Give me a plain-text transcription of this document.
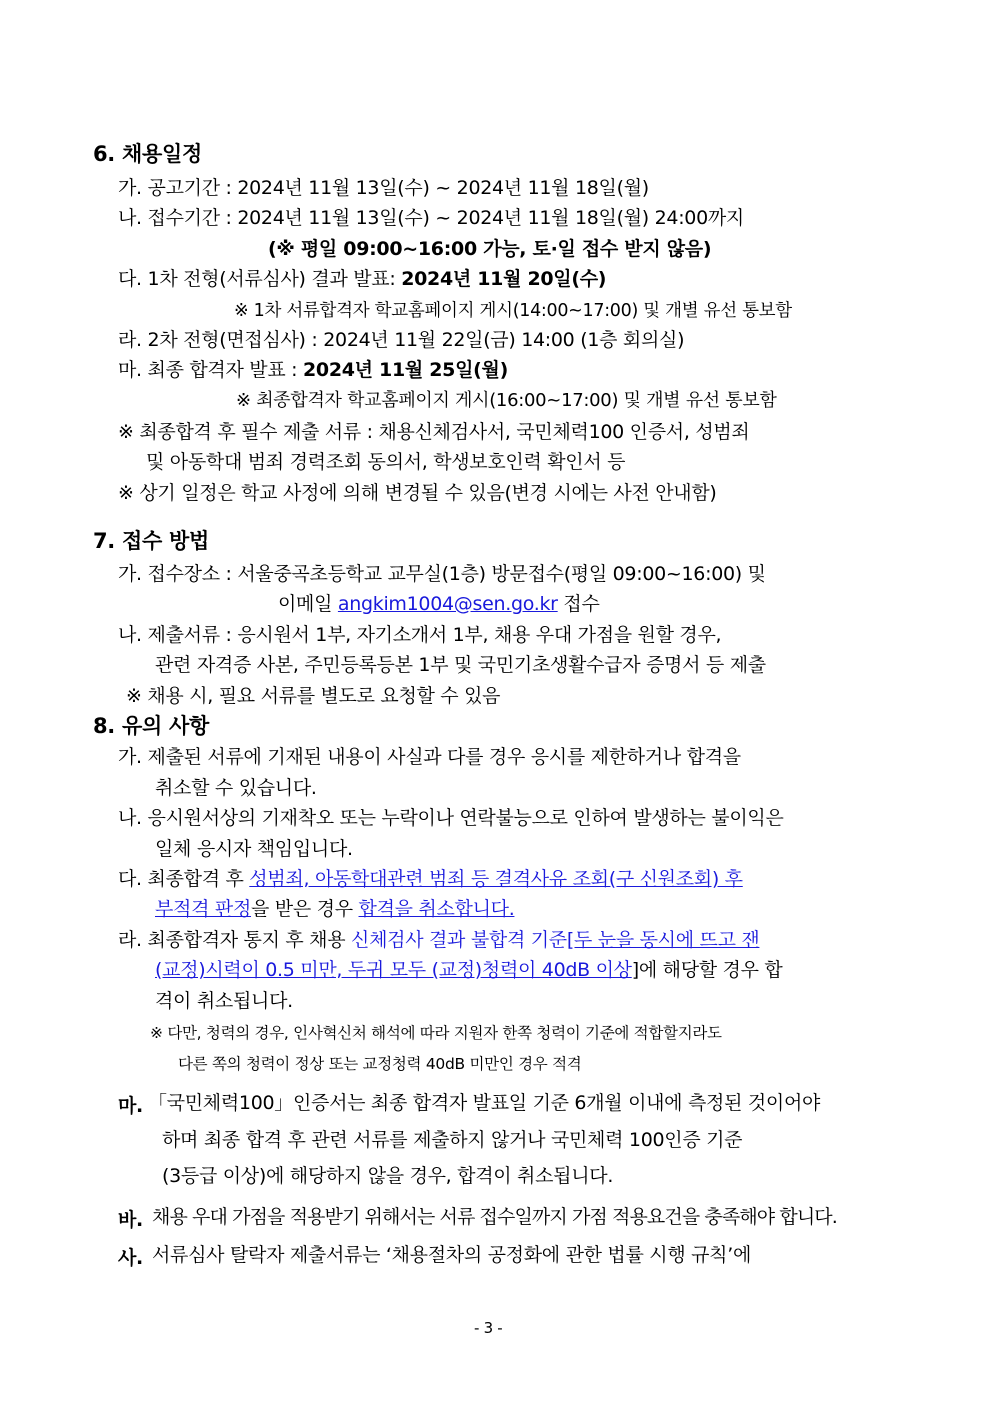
6. 채용일정
가. 공고기간 : 2024년 11월 13일(수) ~ 2024년 11월 18일(월)
나. 접수기간 : 2024년 11월 13일(수) ~ 2024년 11월 18일(월) 24:00까지
(※ 평일 09:00~16:00 가능, 토·일 접수 받지 않음)
다. 1차 전형(서류심사) 결과 발표: 2024년 11월 20일(수)
※ 1차 서류합격자 학교홈페이지 게시(14:00~17:00) 및 개별 유선 통보함
라. 2차 전형(면접심사) : 2024년 11월 22일(금) 14:00 (1층 회의실)
마. 최종 합격자 발표 : 2024년 11월 25일(월)
※ 최종합격자 학교홈페이지 게시(16:00~17:00) 및 개별 유선 통보함
※ 최종합격 후 필수 제출 서류 : 채용신체검사서, 국민체력100 인증서, 성범죄
및 아동학대 범죄 경력조회 동의서, 학생보호인력 확인서 등
※ 상기 일정은 학교 사정에 의해 변경될 수 있음(변경 시에는 사전 안내함)
7. 접수 방법
가. 접수장소 : 서울중곡초등학교 교무실(1층) 방문접수(평일 09:00~16:00) 및
이메일 angkim1004@sen.go.kr 접수
나. 제출서류 : 응시원서 1부, 자기소개서 1부, 채용 우대 가점을 원할 경우,
관련 자격증 사본, 주민등록등본 1부 및 국민기초생활수급자 증명서 등 제출
※ 채용 시, 필요 서류를 별도로 요청할 수 있음
8. 유의 사항
가. 제출된 서류에 기재된 내용이 사실과 다를 경우 응시를 제한하거나 합격을
취소할 수 있습니다.
나. 응시원서상의 기재착오 또는 누락이나 연락불능으로 인하여 발생하는 불이익은
일체 응시자 책임입니다.
다. 최종합격 후 성범죄, 아동학대관련 범죄 등 결격사유 조회(구 신원조회) 후
부적격 판정을 받은 경우 합격을 취소합니다.
라. 최종합격자 통지 후 채용 신체검사 결과 불합격 기준[두 눈을 동시에 뜨고 잰
(교정)시력이 0.5 미만, 두귀 모두 (교정)청력이 40dB 이상]에 해당할 경우 합
격이 취소됩니다.
※ 다만, 청력의 경우, 인사혁신처 해석에 따라 지원자 한쪽 청력이 기준에 적합할지라도
다른 쪽의 청력이 정상 또는 교정청력 40dB 미만인 경우 적격
마. 「국민체력100」인증서는 최종 합격자 발표일 기준 6개월 이내에 측정된 것이어야
하며 최종 합격 후 관련 서류를 제출하지 않거나 국민체력 100인증 기준
(3등급 이상)에 해당하지 않을 경우, 합격이 취소됩니다.
바. 채용 우대 가점을 적용받기 위해서는 서류 접수일까지 가점 적용요건을 충족해야 합니다.
사. 서류심사 탈락자 제출서류는 ‘채용절차의 공정화에 관한 법률 시행 규칙’에
- 3 -
